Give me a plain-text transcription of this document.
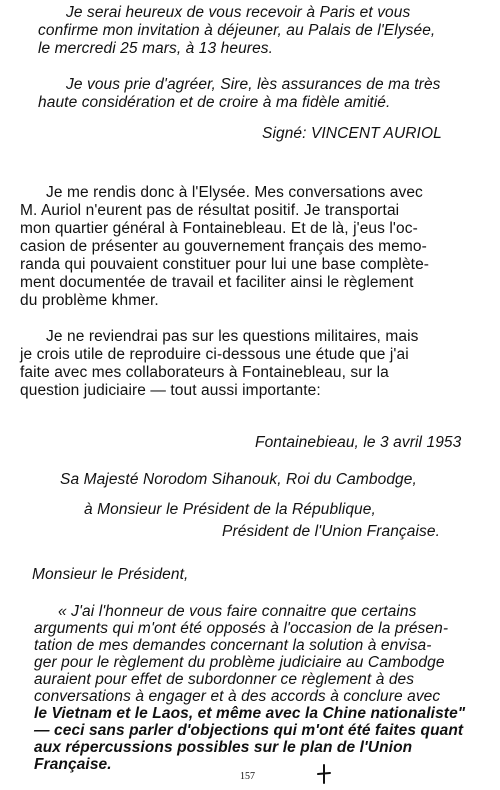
Je serai heureux de vous recevoir à Paris et vous
confirme mon invitation à déjeuner, au Palais de l'Elysée,
le mercredi 25 mars, à 13 heures.
Je vous prie d'agréer, Sire, lès assurances de ma très
haute considération et de croire à ma fidèle amitié.
Signé: VINCENT AURIOL
Je me rendis donc à l'Elysée. Mes conversations avec
M. Auriol n'eurent pas de résultat positif. Je transportai
mon quartier général à Fontainebleau. Et de là, j'eus l'oc-
casion de présenter au gouvernement français des memo-
randa qui pouvaient constituer pour lui une base complète-
ment documentée de travail et faciliter ainsi le règlement
du problème khmer.
Je ne reviendrai pas sur les questions militaires, mais
je crois utile de reproduire ci-dessous une étude que j'ai
faite avec mes collaborateurs à Fontainebleau, sur la
question judiciaire — tout aussi importante:
Fontainebieau, le 3 avril 1953
Sa Majesté Norodom Sihanouk, Roi du Cambodge,
à Monsieur le Président de la République,
Président de l'Union Française.
Monsieur le Président,
« J'ai l'honneur de vous faire connaitre que certains
arguments qui m'ont été opposés à l'occasion de la présen-
tation de mes demandes concernant la solution à envisa-
ger pour le règlement du problème judiciaire au Cambodge
auraient pour effet de subordonner ce règlement à des
conversations à engager et à des accords à conclure avec
le Vietnam et le Laos, et même avec la Chine nationaliste"
— ceci sans parler d'objections qui m'ont été faites quant
aux répercussions possibles sur le plan de l'Union
Française.
157
